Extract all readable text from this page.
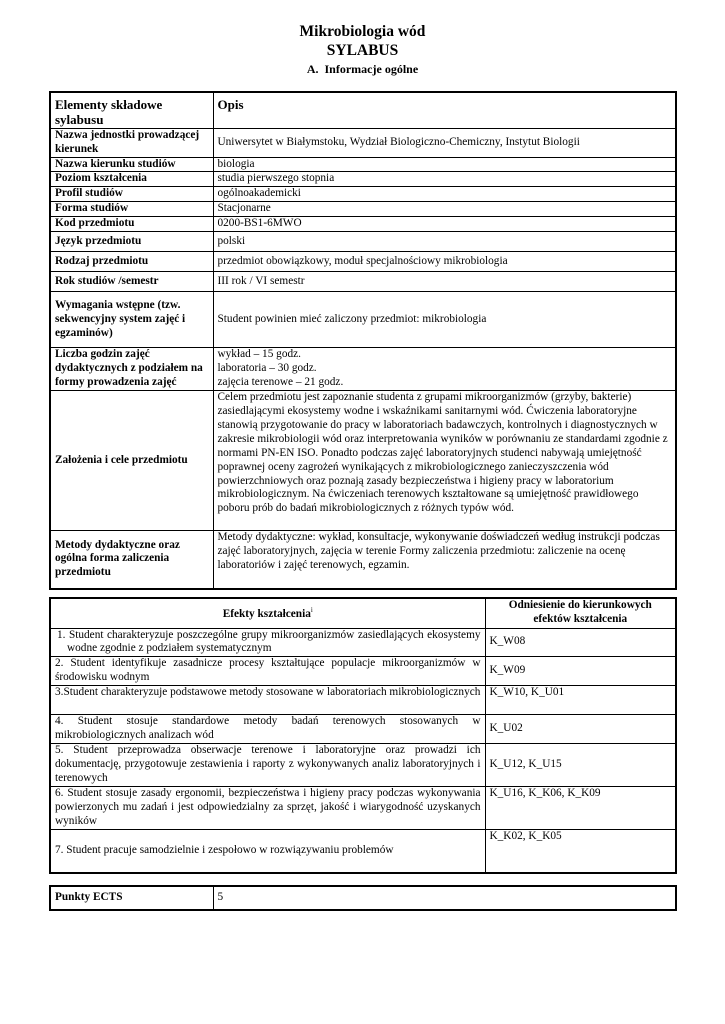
Mikrobiologia wód
SYLABUS
A. Informacje ogólne
Elementy składowe sylabusu	Opis
Nazwa jednostki prowadzącej kierunek	Uniwersytet w Białymstoku, Wydział Biologiczno-Chemiczny, Instytut Biologii
Nazwa kierunku studiów	biologia
Poziom kształcenia	studia pierwszego stopnia
Profil studiów	ogólnoakademicki
Forma studiów	Stacjonarne
Kod przedmiotu	0200-BS1-6MWO
Język przedmiotu	polski
Rodzaj przedmiotu	przedmiot obowiązkowy, moduł specjalnościowy mikrobiologia
Rok studiów /semestr	III rok / VI semestr
Wymagania wstępne (tzw. sekwencyjny system zajęć i egzaminów)	Student powinien mieć zaliczony przedmiot: mikrobiologia
Liczba godzin zajęć dydaktycznych z podziałem na formy prowadzenia zajęć	wykład – 15 godz.
laboratoria – 30 godz.
zajęcia terenowe – 21 godz.

Założenia i cele przedmiotu	Celem przedmiotu jest zapoznanie studenta z grupami mikroorganizmów (grzyby, bakterie) zasiedlającymi ekosystemy wodne i wskaźnikami sanitarnymi wód. Ćwiczenia laboratoryjne stanowią przygotowanie do pracy w laboratoriach badawczych, kontrolnych i diagnostycznych w zakresie mikrobiologii wód oraz interpretowania wyników w porównaniu ze standardami zgodnie z normami PN-EN ISO. Ponadto podczas zajęć laboratoryjnych studenci nabywają umiejętność poprawnej oceny zagrożeń wynikających z mikrobiologicznego zanieczyszczenia wód powierzchniowych oraz poznają zasady bezpieczeństwa i higieny pracy w laboratorium mikrobiologicznym. Na ćwiczeniach terenowych kształtowane są umiejętność prawidłowego poboru prób do badań mikrobiologicznych z różnych typów wód.
Metody dydaktyczne oraz ogólna forma zaliczenia przedmiotu	Metody dydaktyczne: wykład, konsultacje, wykonywanie doświadczeń według instrukcji podczas zajęć laboratoryjnych, zajęcia w terenie Formy zaliczenia przedmiotu: zaliczenie na ocenę laboratoriów i zajęć terenowych, egzamin.
Efekty kształcenia$^i$	Odniesienie do kierunkowych efektów kształcenia
1. Student charakteryzuje poszczególne grupy mikroorganizmów zasiedlających ekosystemy wodne zgodnie z podziałem systematycznym	K_W08
2. Student identyfikuje zasadnicze procesy kształtujące populacje mikroorganizmów w środowisku wodnym	K_W09
3.Student charakteryzuje podstawowe metody stosowane w laboratoriach mikrobiologicznych	K_W10, K_U01
4. Student stosuje standardowe metody badań terenowych stosowanych w mikrobiologicznych analizach wód	K_U02
5. Student przeprowadza obserwacje terenowe i laboratoryjne oraz prowadzi ich dokumentację, przygotowuje zestawienia i raporty z wykonywanych analiz laboratoryjnych i terenowych	K_U12, K_U15
6. Student stosuje zasady ergonomii, bezpieczeństwa i higieny pracy podczas wykonywania powierzonych mu zadań i jest odpowiedzialny za sprzęt, jakość i wiarygodność uzyskanych wyników	K_U16, K_K06, K_K09
7. Student pracuje samodzielnie i zespołowo w rozwiązywaniu problemów	K_K02, K_K05
Punkty ECTS	5
